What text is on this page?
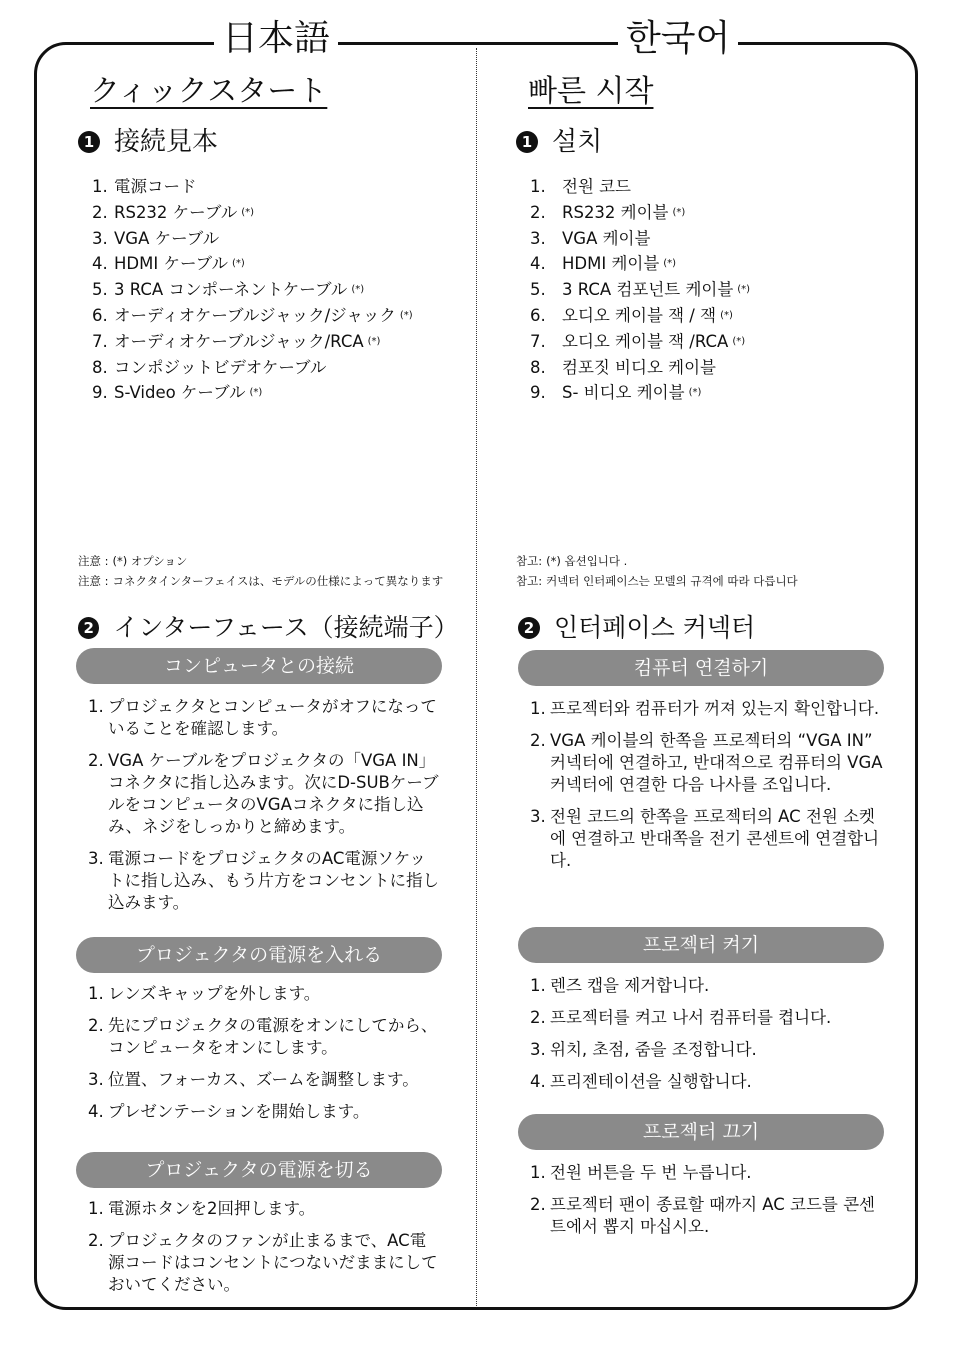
日本語	한국어
クィックスタート
1 接続見本
1. 電源コード
2. RS232 ケーブル (*)
3. VGA ケーブル
4. HDMI ケーブル (*)
5. 3 RCA コンポーネントケーブル (*)
6. オーディオケーブルジャック/ジャック (*)
7. オーディオケーブルジャック/RCA (*)
8. コンポジットビデオケーブル
9. S-Video ケーブル (*)
注意 : (*) オプション
注意 : コネクタインターフェイスは、モデルの仕様によって異なります
2 インターフェース（接続端子）
コンピュータとの接続
1. プロジェクタとコンピュータがオフになっていることを確認します。
2. VGA ケーブルをプロジェクタの「VGA IN」コネクタに指し込みます。次にD-SUBケーブルをコンピュータのVGAコネクタに指し込み、ネジをしっかりと締めます。
3. 電源コードをプロジェクタのAC電源ソケットに指し込み、もう片方をコンセントに指し込みます。
プロジェクタの電源を入れる
1. レンズキャップを外します。
2. 先にプロジェクタの電源をオンにしてから、コンピュータをオンにします。
3. 位置、フォーカス、ズームを調整します。
4. プレゼンテーションを開始します。
プロジェクタの電源を切る
1. 電源ホタンを2回押します。
2. プロジェクタのファンが止まるまで、AC電源コードはコンセントにつないだままにしておいてください。
빠른 시작
1 설치
1. 전원 코드
2. RS232 케이블 (*)
3. VGA 케이블
4. HDMI 케이블 (*)
5. 3 RCA 컴포넌트 케이블 (*)
6. 오디오 케이블 잭 / 잭 (*)
7. 오디오 케이블 잭 /RCA (*)
8. 컴포짓 비디오 케이블
9. S- 비디오 케이블 (*)
참고: (*) 옵션입니다 .
참고: 커넥터 인터페이스는 모델의 규격에 따라 다릅니다
2 인터페이스 커넥터
컴퓨터 연결하기
1. 프로젝터와 컴퓨터가 꺼져 있는지 확인합니다.
2. VGA 케이블의 한쪽을 프로젝터의 “VGA IN” 커넥터에 연결하고, 반대적으로 컴퓨터의 VGA 커넥터에 연결한 다음 나사를 조입니다.
3. 전원 코드의 한쪽을 프로젝터의 AC 전원 소켓에 연결하고 반대쪽을 전기 콘센트에 연결합니다.
프로젝터 켜기
1. 렌즈 캡을 제거합니다.
2. 프로젝터를 켜고 나서 컴퓨터를 켭니다.
3. 위치, 초점, 줌을 조정합니다.
4. 프리젠테이션을 실행합니다.
프로젝터 끄기
1. 전원 버튼을 두 번 누릅니다.
2. 프로젝터 팬이 종료할 때까지 AC 코드를 콘센트에서 뽑지 마십시오.
